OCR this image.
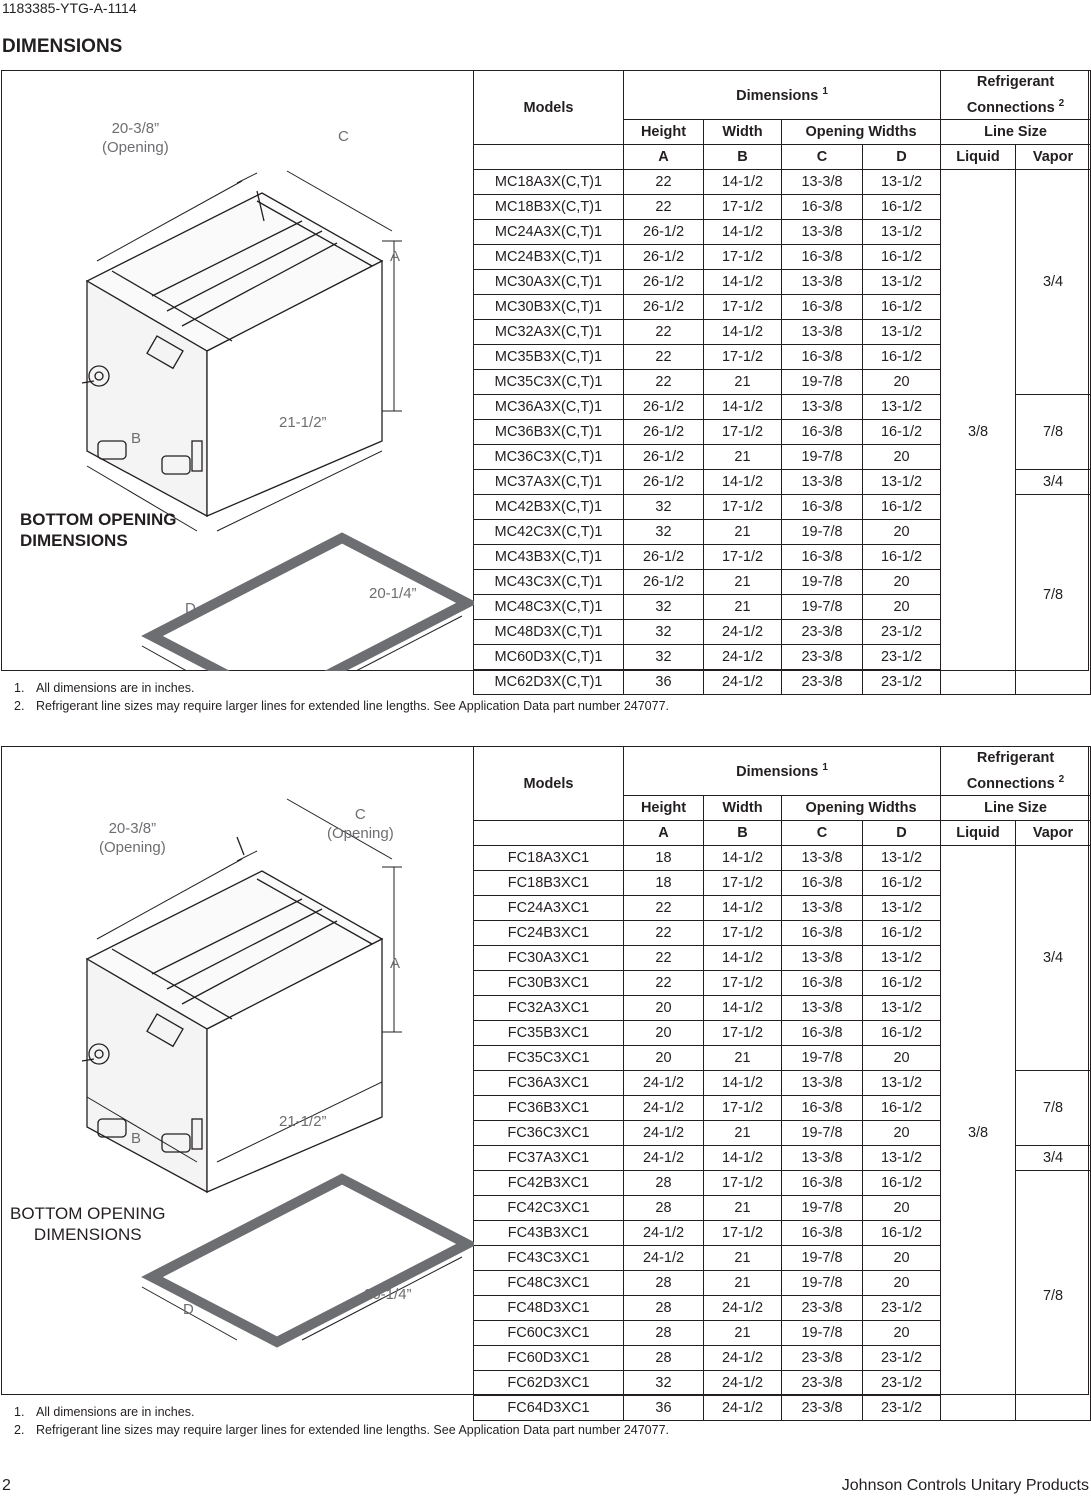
1183385-YTG-A-1114
DIMENSIONS
20-3/8”
(Opening)
C
A
B
21-1/2”
BOTTOM OPENING
DIMENSIONS
D
20-1/4”
Models	Dimensions $^1$				Refrigerant
Connections $^2$
	Height	Width	Opening Widths		Line Size	
	A	B	C	D	Liquid	Vapor
MC18A3X(C,T)1	22	14-1/2	13-3/8	13-1/2	3/8	3/4
MC18B3X(C,T)1	22	17-1/2	16-3/8	16-1/2		
MC24A3X(C,T)1	26-1/2	14-1/2	13-3/8	13-1/2		
MC24B3X(C,T)1	26-1/2	17-1/2	16-3/8	16-1/2		
MC30A3X(C,T)1	26-1/2	14-1/2	13-3/8	13-1/2		
MC30B3X(C,T)1	26-1/2	17-1/2	16-3/8	16-1/2		
MC32A3X(C,T)1	22	14-1/2	13-3/8	13-1/2		
MC35B3X(C,T)1	22	17-1/2	16-3/8	16-1/2		
MC35C3X(C,T)1	22	21	19-7/8	20		
MC36A3X(C,T)1	26-1/2	14-1/2	13-3/8	13-1/2		7/8
MC36B3X(C,T)1	26-1/2	17-1/2	16-3/8	16-1/2		
MC36C3X(C,T)1	26-1/2	21	19-7/8	20		
MC37A3X(C,T)1	26-1/2	14-1/2	13-3/8	13-1/2		3/4
MC42B3X(C,T)1	32	17-1/2	16-3/8	16-1/2		7/8
MC42C3X(C,T)1	32	21	19-7/8	20		
MC43B3X(C,T)1	26-1/2	17-1/2	16-3/8	16-1/2		
MC43C3X(C,T)1	26-1/2	21	19-7/8	20		
MC48C3X(C,T)1	32	21	19-7/8	20		
MC48D3X(C,T)1	32	24-1/2	23-3/8	23-1/2		
MC60D3X(C,T)1	32	24-1/2	23-3/8	23-1/2		
MC62D3X(C,T)1	36	24-1/2	23-3/8	23-1/2		
1. All dimensions are in inches.
2. Refrigerant line sizes may require larger lines for extended line lengths. See Application Data part number 247077.
20-3/8”
(Opening)
C
(Opening)
A
B
21-1/2”
BOTTOM OPENING
DIMENSIONS
D
20-1/4”
Models	Dimensions $^1$				Refrigerant
Connections $^2$
	Height	Width	Opening Widths		Line Size	
	A	B	C	D	Liquid	Vapor
FC18A3XC1	18	14-1/2	13-3/8	13-1/2	3/8	3/4
FC18B3XC1	18	17-1/2	16-3/8	16-1/2		
FC24A3XC1	22	14-1/2	13-3/8	13-1/2		
FC24B3XC1	22	17-1/2	16-3/8	16-1/2		
FC30A3XC1	22	14-1/2	13-3/8	13-1/2		
FC30B3XC1	22	17-1/2	16-3/8	16-1/2		
FC32A3XC1	20	14-1/2	13-3/8	13-1/2		
FC35B3XC1	20	17-1/2	16-3/8	16-1/2		
FC35C3XC1	20	21	19-7/8	20		
FC36A3XC1	24-1/2	14-1/2	13-3/8	13-1/2		7/8
FC36B3XC1	24-1/2	17-1/2	16-3/8	16-1/2		
FC36C3XC1	24-1/2	21	19-7/8	20		
FC37A3XC1	24-1/2	14-1/2	13-3/8	13-1/2		3/4
FC42B3XC1	28	17-1/2	16-3/8	16-1/2		7/8
FC42C3XC1	28	21	19-7/8	20		
FC43B3XC1	24-1/2	17-1/2	16-3/8	16-1/2		
FC43C3XC1	24-1/2	21	19-7/8	20		
FC48C3XC1	28	21	19-7/8	20		
FC48D3XC1	28	24-1/2	23-3/8	23-1/2		
FC60C3XC1	28	21	19-7/8	20		
FC60D3XC1	28	24-1/2	23-3/8	23-1/2		
FC62D3XC1	32	24-1/2	23-3/8	23-1/2		
FC64D3XC1	36	24-1/2	23-3/8	23-1/2		
1. All dimensions are in inches.
2. Refrigerant line sizes may require larger lines for extended line lengths. See Application Data part number 247077.
2	Johnson Controls Unitary Products
